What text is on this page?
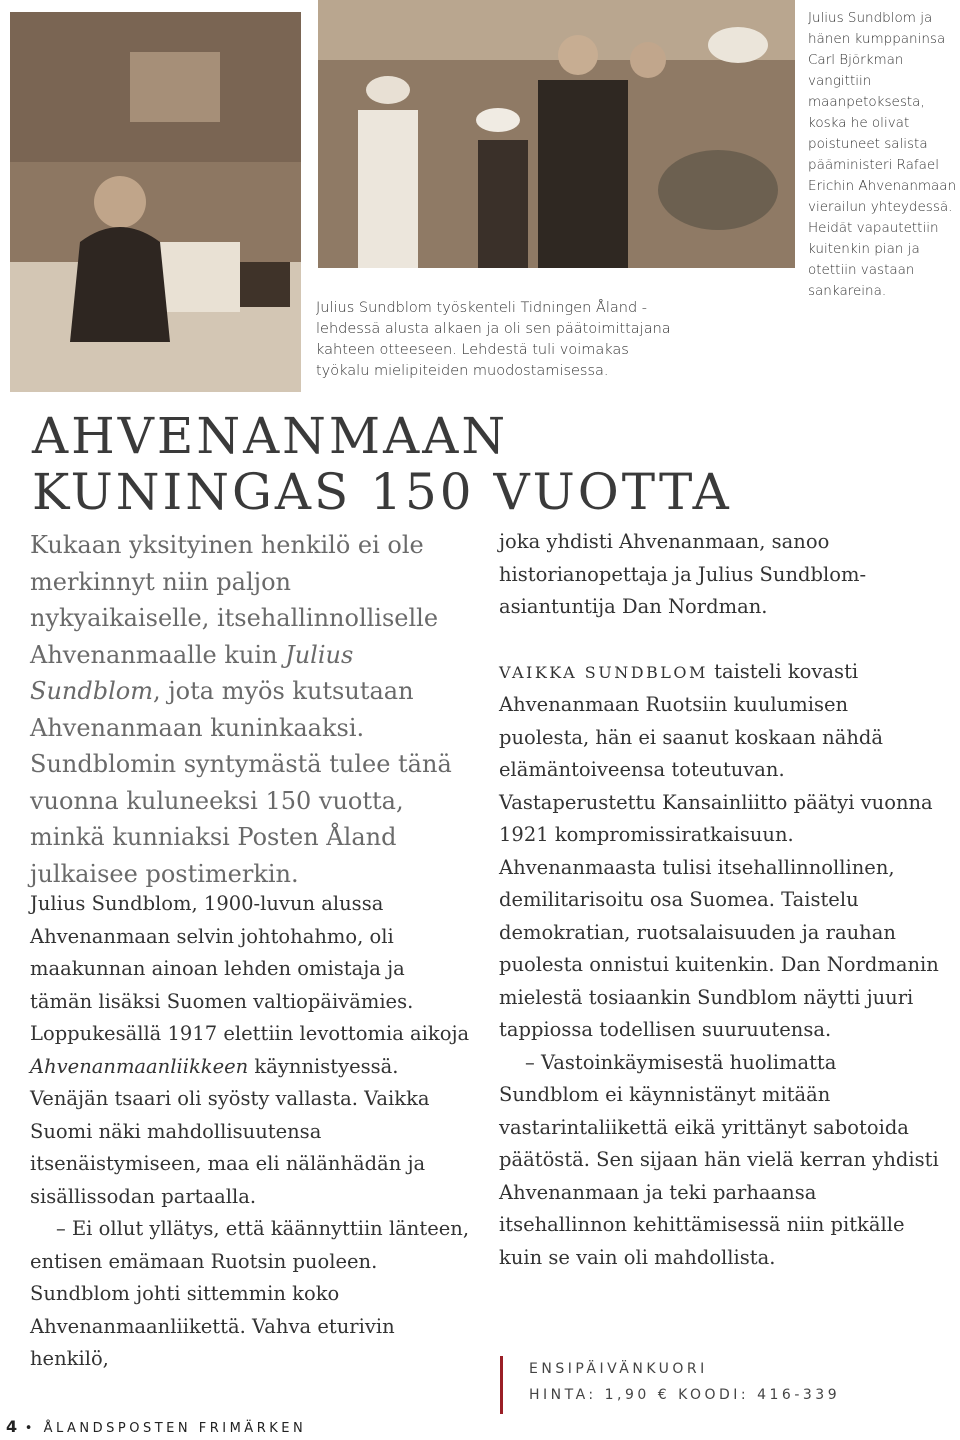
Julius Sundblom ja hänen kumppaninsa Carl Björkman vangittiin maanpetoksesta, koska he olivat poistuneet salista pääministeri Rafael Erichin Ahvenanmaan vierailun yhteydessä. Heidät vapautettiin kuitenkin pian ja otettiin vastaan sankareina.

Julius Sundblom työskenteli Tidningen Åland -lehdessä alusta alkaen ja oli sen päätoimittajana kahteen otteeseen. Lehdestä tuli voimakas työkalu mielipiteiden muodostamisessa.

AHVENANMAAN
KUNINGAS 150 VUOTTA

Kukaan yksityinen henkilö ei ole merkinnyt niin paljon nykyaikaiselle, itsehallinnolliselle Ahvenanmaalle kuin Julius Sundblom, jota myös kutsutaan Ahvenanmaan kuninkaaksi. Sundblomin syntymästä tulee tänä vuonna kuluneeksi 150 vuotta, minkä kunniaksi Posten Åland julkaisee postimerkin.

Julius Sundblom, 1900-luvun alussa Ahvenanmaan selvin johtohahmo, oli maakunnan ainoan lehden omistaja ja tämän lisäksi Suomen valtiopäivämies. Loppukesällä 1917 elettiin levottomia aikoja Ahvenanmaanliikkeen käynnistyessä. Venäjän tsaari oli syösty vallasta. Vaikka Suomi näki mahdollisuutensa itsenäistymiseen, maa eli nälänhädän ja sisällissodan partaalla.

– Ei ollut yllätys, että käännyttiin länteen, entisen emämaan Ruotsin puoleen. Sundblom johti sittemmin koko Ahvenanmaanliikettä. Vahva eturivin henkilö,

joka yhdisti Ahvenanmaan, sanoo historianopettaja ja Julius Sundblom-asiantuntija Dan Nordman.

VAIKKA SUNDBLOM taisteli kovasti Ahvenanmaan Ruotsiin kuulumisen puolesta, hän ei saanut koskaan nähdä elämäntoiveensa toteutuvan. Vastaperustettu Kansainliitto päätyi vuonna 1921 kompromissiratkaisuun. Ahvenanmaasta tulisi itsehallinnollinen, demilitarisoitu osa Suomea. Taistelu demokratian, ruotsalaisuuden ja rauhan puolesta onnistui kuitenkin. Dan Nordmanin mielestä tosiaankin Sundblom näytti juuri tappiossa todellisen suuruutensa.

– Vastoinkäymisestä huolimatta Sundblom ei käynnistänyt mitään vastarintaliikettä eikä yrittänyt sabotoida päätöstä. Sen sijaan hän vielä kerran yhdisti Ahvenanmaan ja teki parhaansa itsehallinnon kehittämisessä niin pitkälle kuin se vain oli mahdollista.

ENSIPÄIVÄNKUORI
HINTA: 1,90 € KOODI: 416-339
4 • ÅLANDSPOSTEN FRIMÄRKEN
